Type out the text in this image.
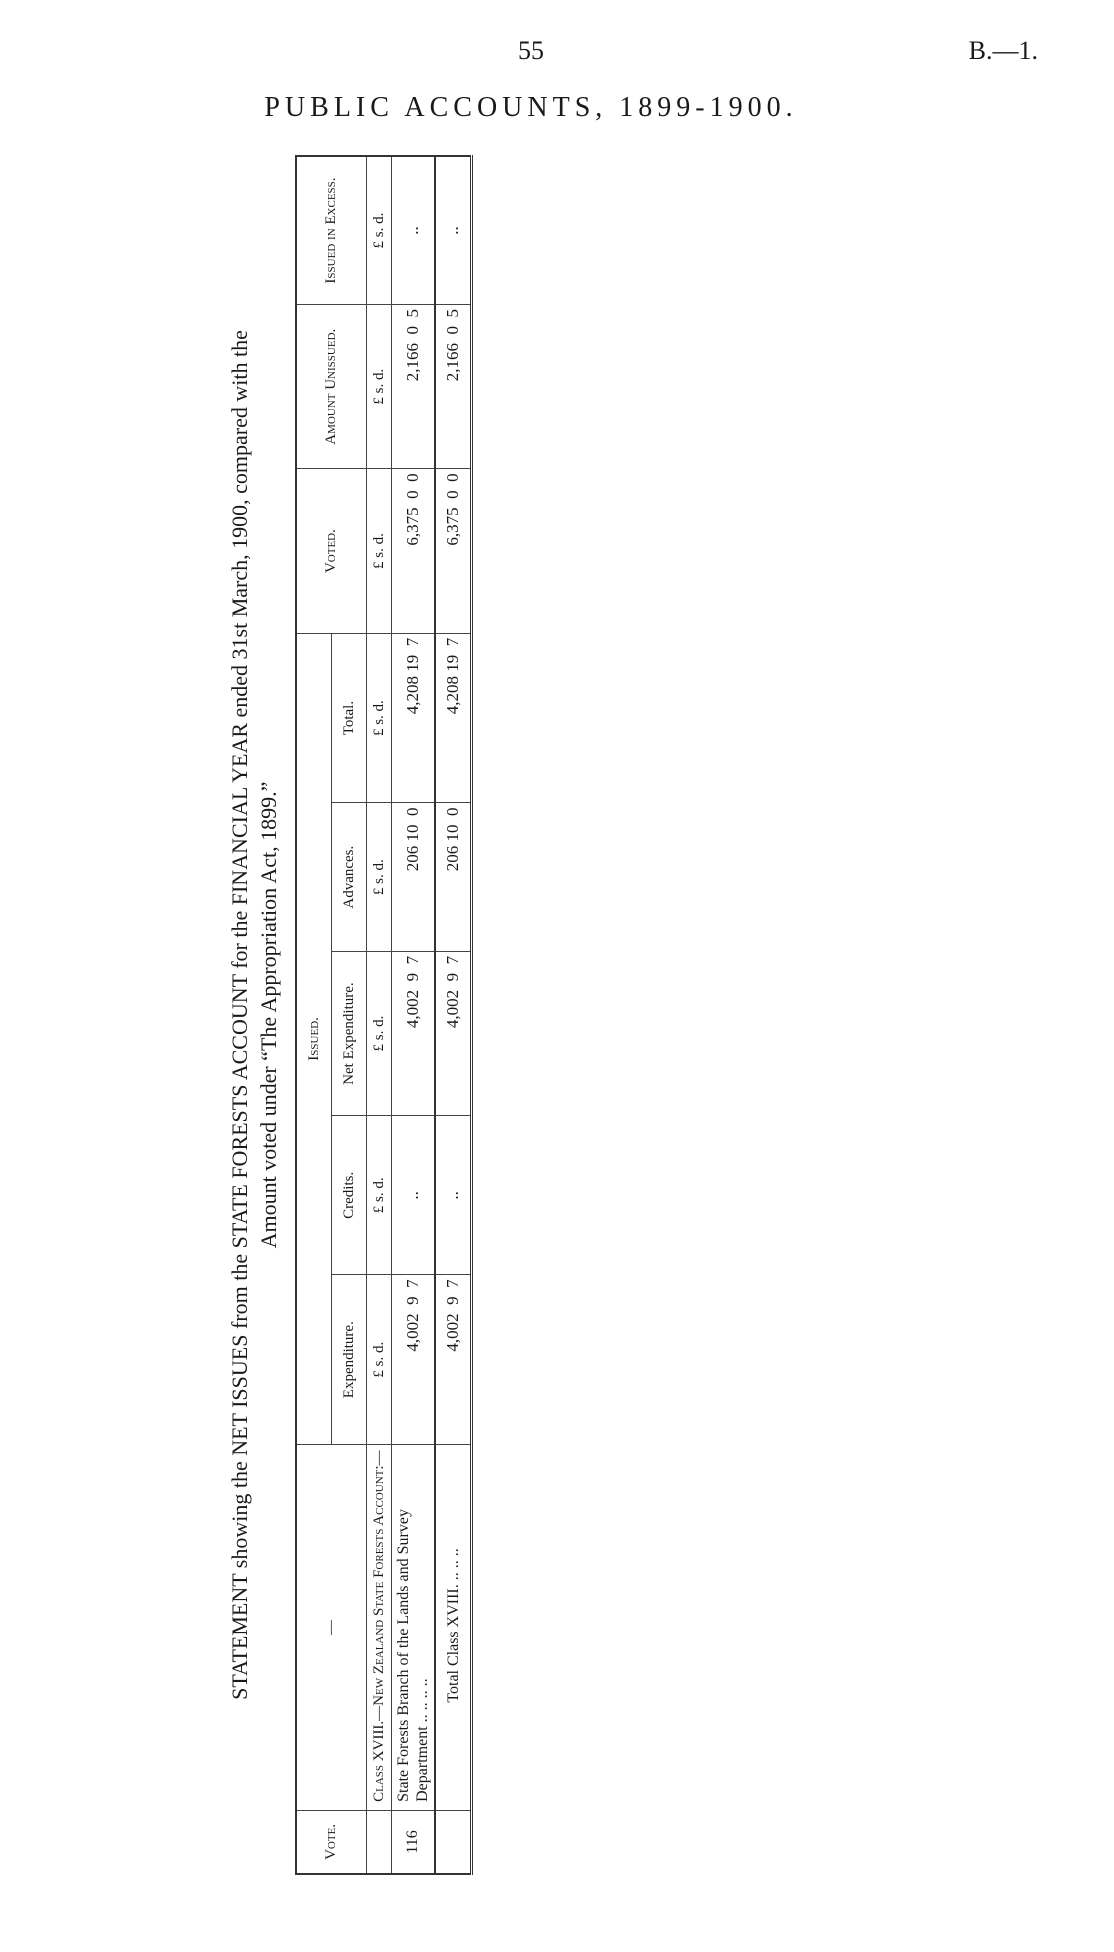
55	B.—1.
PUBLIC ACCOUNTS, 1899-1900.
STATEMENT showing the NET ISSUES from the STATE FORESTS ACCOUNT for the FINANCIAL YEAR ended 31st March, 1900, compared with the Amount voted under “The Appropriation Act, 1899.”
Vote.	—	Issued.					Voted.	Amount Unissued.	Issued in Excess.
		Expenditure.	Credits.	Net Expenditure.	Advances.	Total.			
	Class XVIII.—New Zealand State Forests Account:—	£ s. d.	£ s. d.	£ s. d.	£ s. d.	£ s. d.	£ s. d.	£ s. d.	£ s. d.
116	State Forests Branch of the Lands and Survey Department .. .. .. ..	4,002  9  7	..	4,002  9  7	206 10  0	4,208 19  7	6,375  0  0	2,166  0  5	..
	Total Class XVIII. .. .. ..	4,002  9  7	..	4,002  9  7	206 10  0	4,208 19  7	6,375  0  0	2,166  0  5	..
